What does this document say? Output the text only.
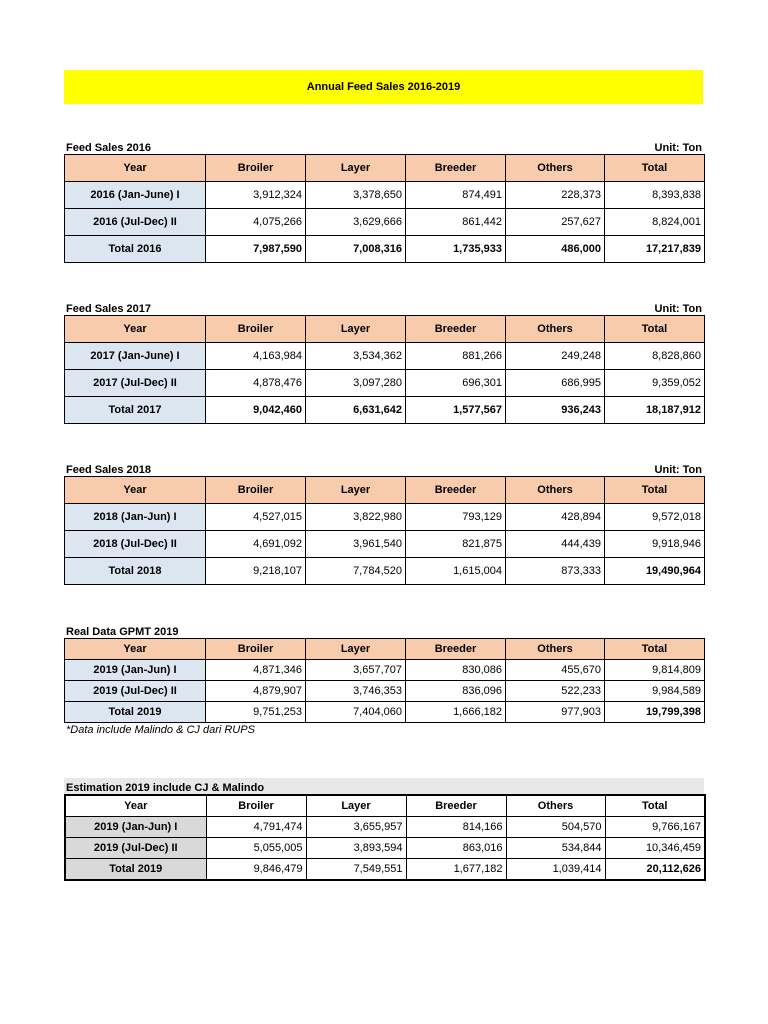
Annual Feed Sales 2016-2019
Feed Sales 2016	Unit: Ton
Year	Broiler	Layer	Breeder	Others	Total
2016 (Jan-June) I	3,912,324	3,378,650	874,491	228,373	8,393,838
2016 (Jul-Dec) II	4,075,266	3,629,666	861,442	257,627	8,824,001
Total 2016	7,987,590	7,008,316	1,735,933	486,000	17,217,839
Feed Sales 2017	Unit: Ton
Year	Broiler	Layer	Breeder	Others	Total
2017 (Jan-June) I	4,163,984	3,534,362	881,266	249,248	8,828,860
2017 (Jul-Dec) II	4,878,476	3,097,280	696,301	686,995	9,359,052
Total 2017	9,042,460	6,631,642	1,577,567	936,243	18,187,912
Feed Sales 2018	Unit: Ton
Year	Broiler	Layer	Breeder	Others	Total
2018 (Jan-Jun) I	4,527,015	3,822,980	793,129	428,894	9,572,018
2018 (Jul-Dec) II	4,691,092	3,961,540	821,875	444,439	9,918,946
Total 2018	9,218,107	7,784,520	1,615,004	873,333	19,490,964
Real Data GPMT 2019
Year	Broiler	Layer	Breeder	Others	Total
2019 (Jan-Jun) I	4,871,346	3,657,707	830,086	455,670	9,814,809
2019 (Jul-Dec) II	4,879,907	3,746,353	836,096	522,233	9,984,589
Total 2019	9,751,253	7,404,060	1,666,182	977,903	19,799,398
*Data include Malindo & CJ dari RUPS
Estimation 2019 include CJ & Malindo
Year	Broiler	Layer	Breeder	Others	Total
2019 (Jan-Jun) I	4,791,474	3,655,957	814,166	504,570	9,766,167
2019 (Jul-Dec) II	5,055,005	3,893,594	863,016	534,844	10,346,459
Total 2019	9,846,479	7,549,551	1,677,182	1,039,414	20,112,626
